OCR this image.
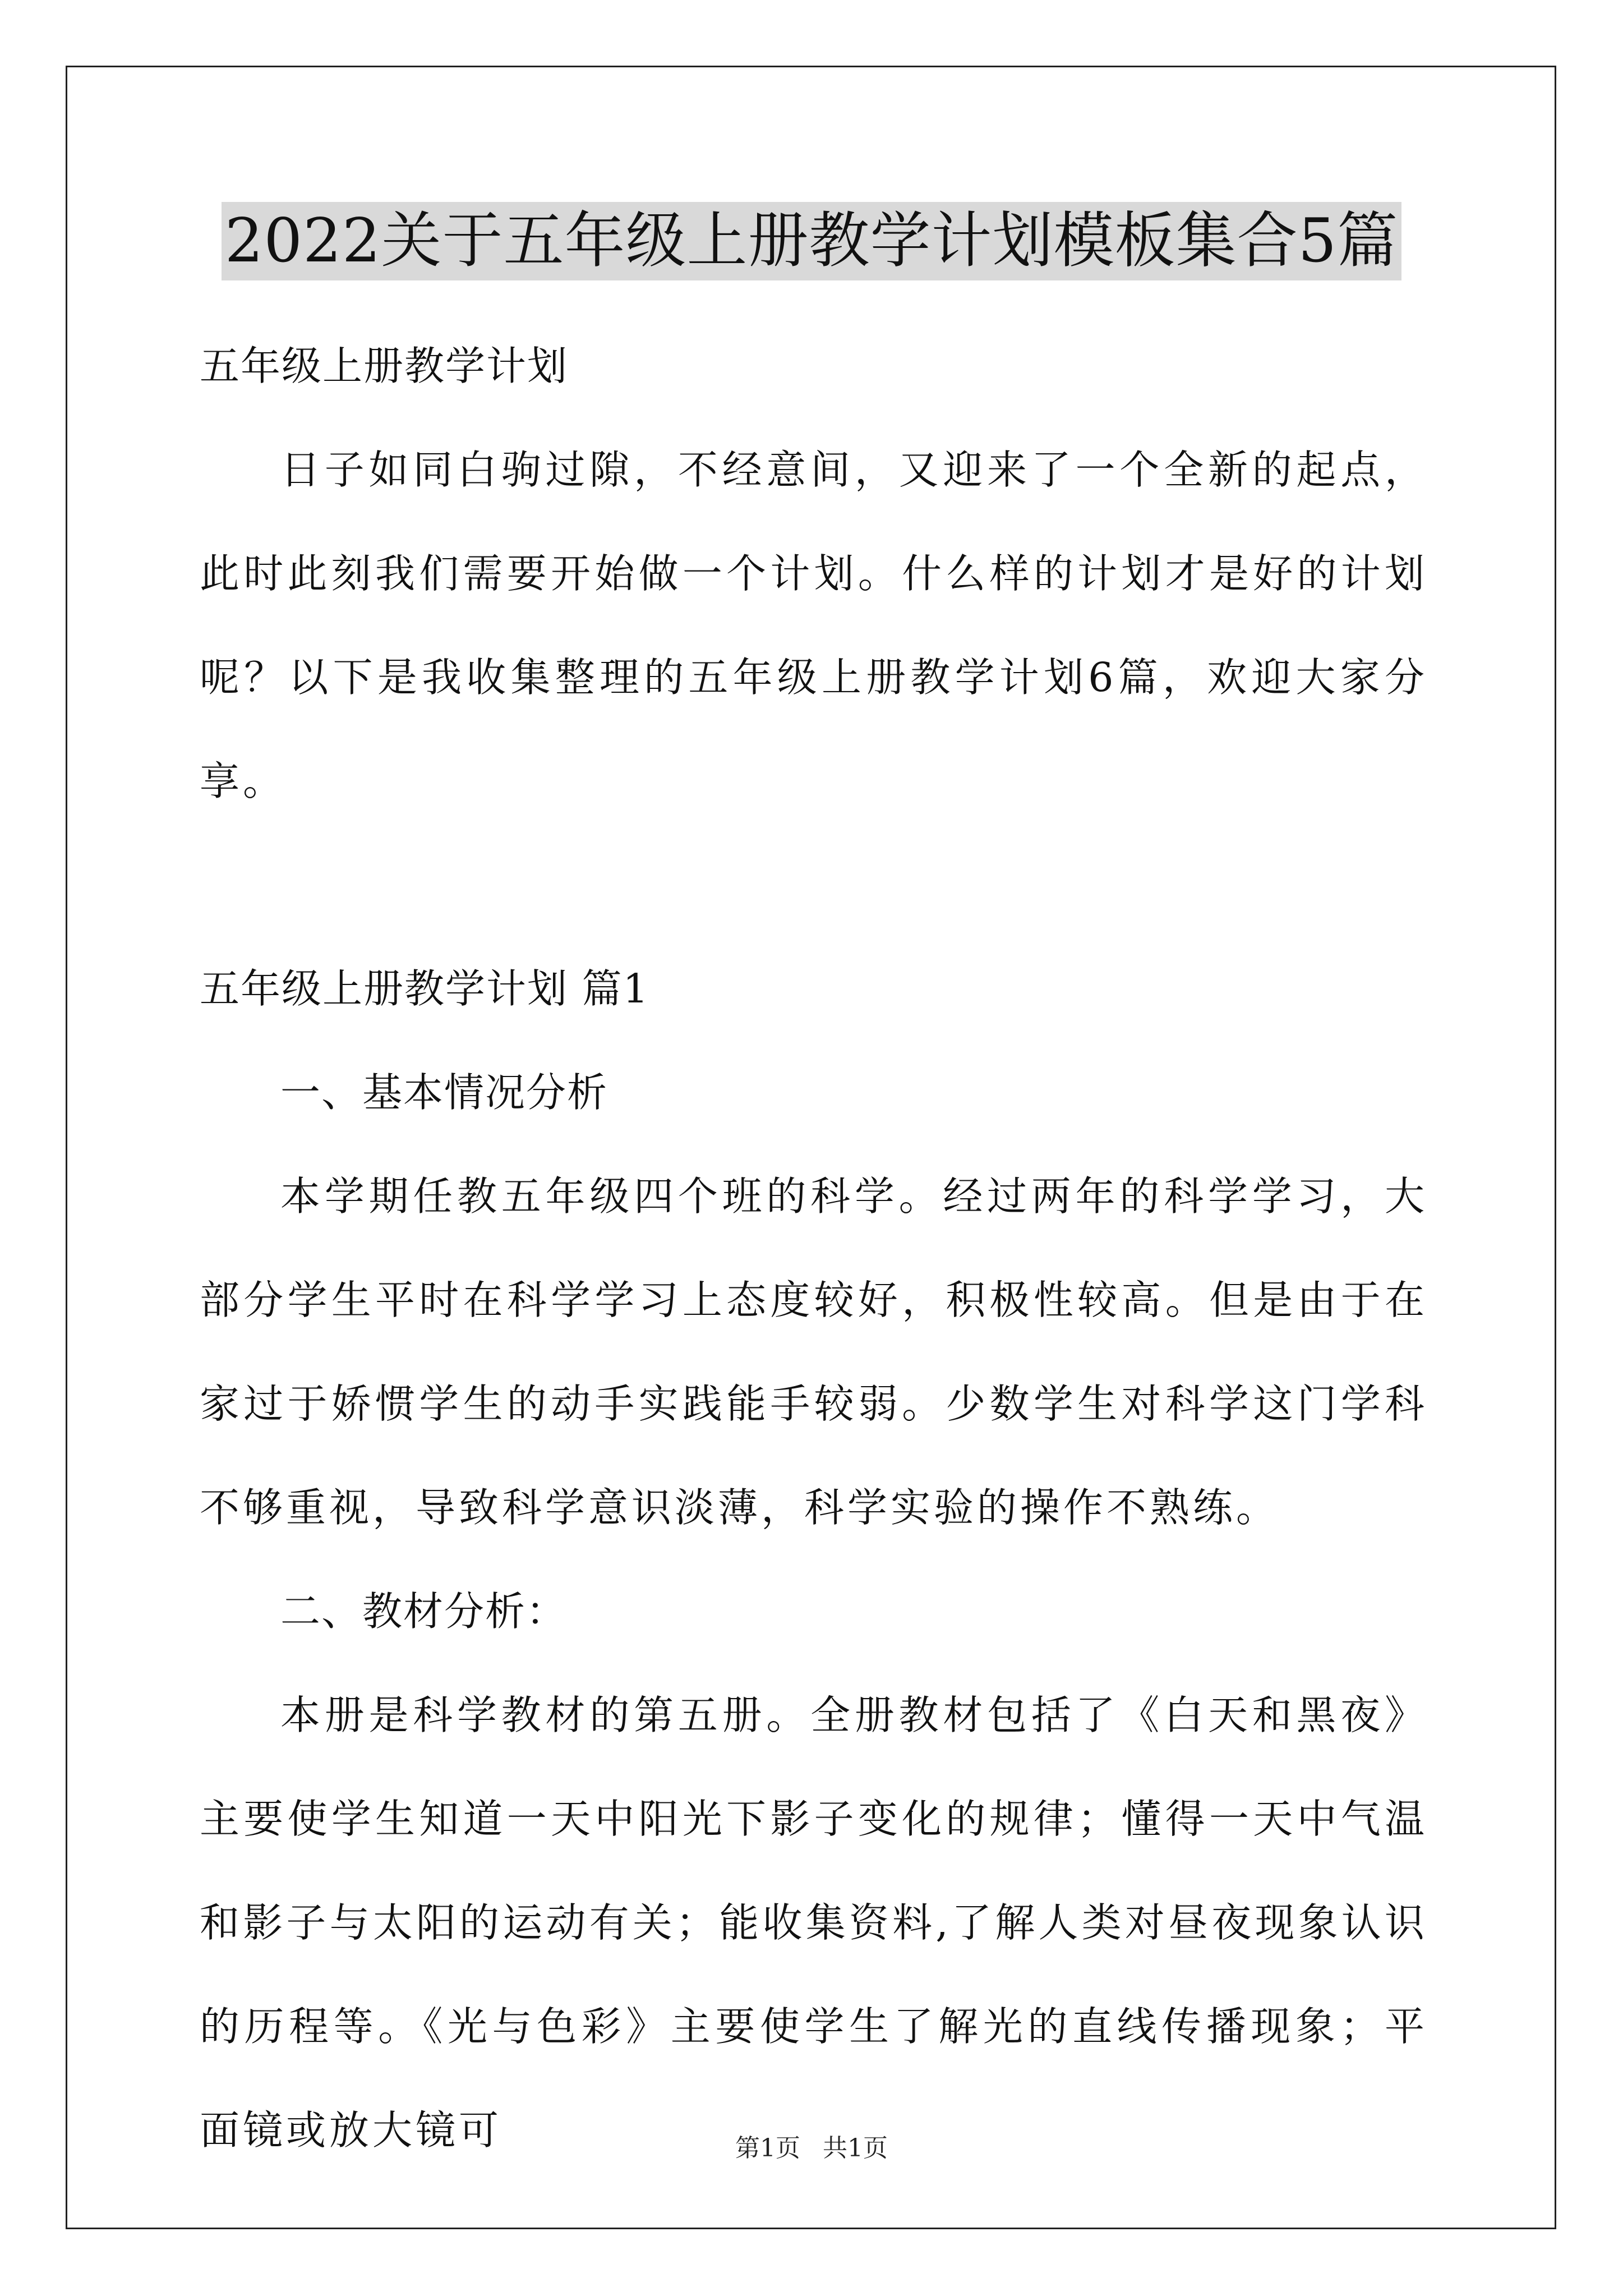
2022关于五年级上册教学计划模板集合5篇
五年级上册教学计划

日子如同白驹过隙，不经意间，又迎来了一个全新的起点，此时此刻我们需要开始做一个计划。什么样的计划才是好的计划呢？以下是我收集整理的五年级上册教学计划6篇，欢迎大家分享。

五年级上册教学计划 篇1
一、基本情况分析

本学期任教五年级四个班的科学。经过两年的科学学习，大部分学生平时在科学学习上态度较好，积极性较高。但是由于在家过于娇惯学生的动手实践能手较弱。少数学生对科学这门学科不够重视，导致科学意识淡薄，科学实验的操作不熟练。

二、教材分析：

本册是科学教材的第五册。全册教材包括了《白天和黑夜》主要使学生知道一天中阳光下影子变化的规律；懂得一天中气温和影子与太阳的运动有关；能收集资料,了解人类对昼夜现象认识的历程等。《光与色彩》主要使学生了解光的直线传播现象；平面镜或放大镜可	第1页 共1页
